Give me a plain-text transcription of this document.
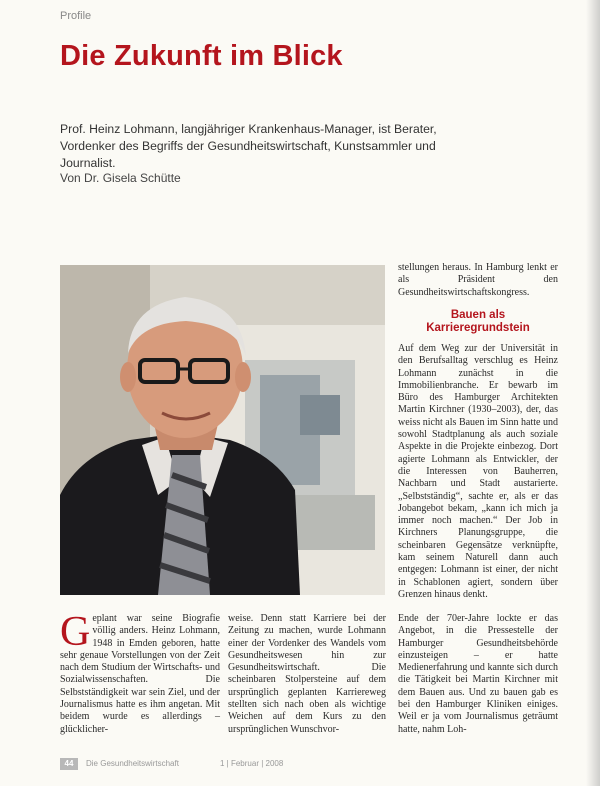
Profile
Die Zukunft im Blick

Prof. Heinz Lohmann, langjähriger Krankenhaus-Manager, ist Berater, Vordenker des Begriffs der Gesundheitswirtschaft, Kunstsammler und Journalist.

Von Dr. Gisela Schütte

stellungen heraus. In Hamburg lenkt er als Präsident den Gesundheitswirtschaftskongress.

Bauen als Karrieregrundstein

Auf dem Weg zur der Universität in den Berufsalltag verschlug es Heinz Lohmann zunächst in die Immobilienbranche. Er bewarb im Büro des Hamburger Architekten Martin Kirchner (1930–2003), der, das weiss nicht als Bauen im Sinn hatte und sowohl Stadtplanung als auch soziale Aspekte in die Projekte einbezog. Dort agierte Lohmann als Entwickler, der die Interessen von Bauherren, Nachbarn und Stadt austarierte. „Selbstständig“, sachte er, als er das Jobangebot bekam, „kann ich mich ja immer noch machen.“ Der Job in Kirchners Planungsgruppe, die scheinbaren Gegensätze verknüpfte, kam seinem Naturell dann auch entgegen: Lohmann ist einer, der nicht in Schablonen agiert, sondern über Grenzen hinaus denkt.

Geplant war seine Biografie völlig anders. Heinz Lohmann, 1948 in Emden geboren, hatte sehr genaue Vorstellungen von der Zeit nach dem Studium der Wirtschafts- und Sozialwissenschaften. Die Selbstständigkeit war sein Ziel, und der Journalismus hatte es ihm angetan. Mit beidem wurde es allerdings – glücklicher-

weise. Denn statt Karriere bei der Zeitung zu machen, wurde Lohmann einer der Vordenker des Wandels vom Gesundheitswesen hin zur Gesundheitswirtschaft. Die scheinbaren Stolpersteine auf dem ursprünglich geplanten Karriereweg stellten sich nach oben als wichtige Weichen auf dem Kurs zu den ursprünglichen Wunschvor-

Ende der 70er-Jahre lockte er das Angebot, in die Pressestelle der Hamburger Gesundheitsbehörde einzusteigen – er hatte Medienerfahrung und kannte sich durch die Tätigkeit bei Martin Kirchner mit dem Bauen aus. Und zu bauen gab es bei den Hamburger Kliniken einiges. Weil er ja vom Journalismus geträumt hatte, nahm Loh-

44	Die Gesundheitswirtschaft	1 | Februar | 2008
